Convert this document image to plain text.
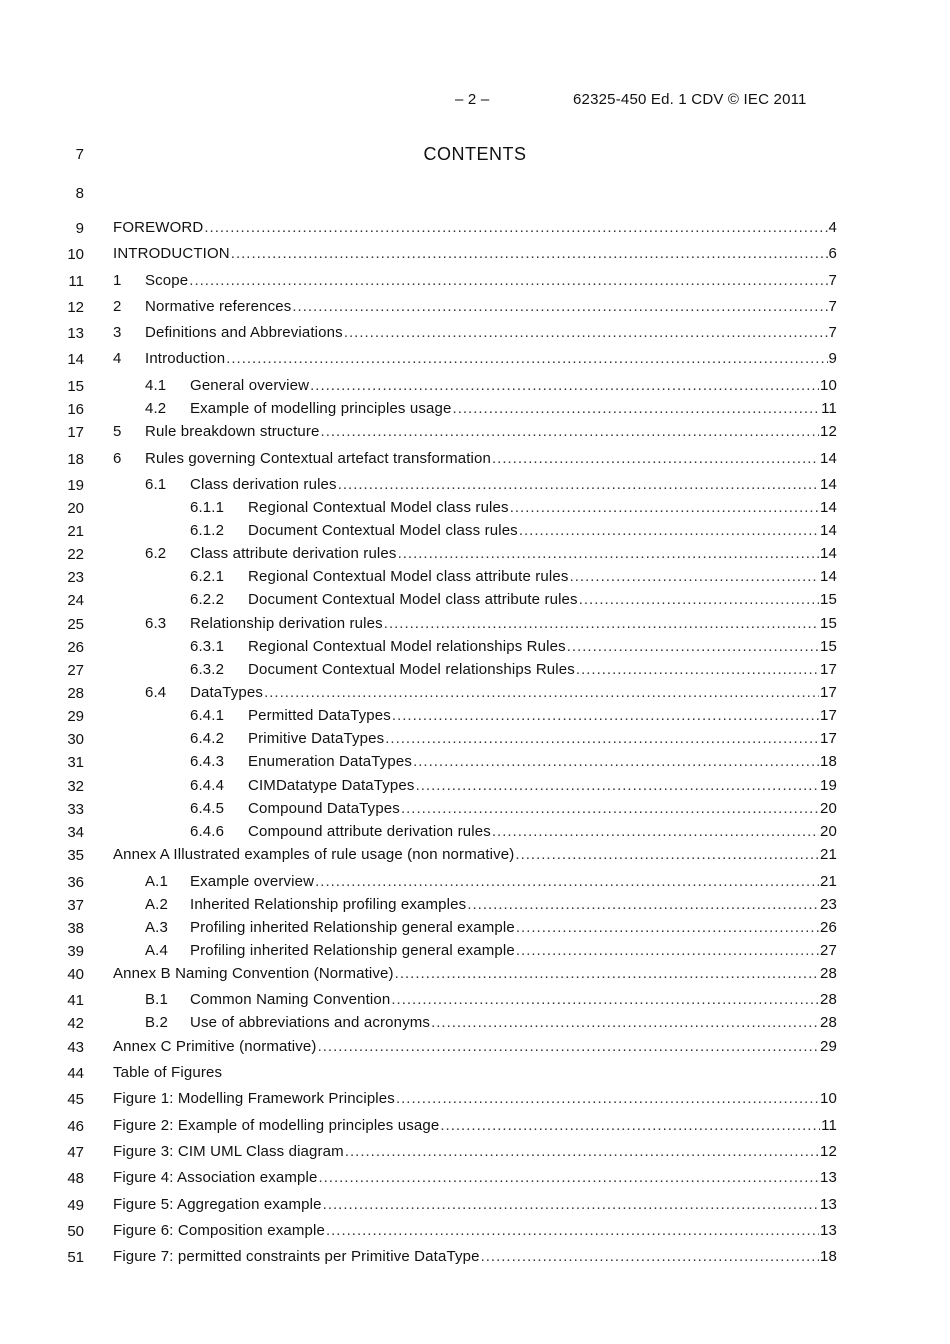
– 2 –	62325-450 Ed. 1 CDV © IEC 2011
7	CONTENTS
8
9 FOREWORD .....	4
10 INTRODUCTION .....	6
11 1	Scope .....	7
12 2	Normative references .....	7
13 3	Definitions and Abbreviations .....	7
14 4	Introduction .....	9
15	4.1	General overview .....	10
16	4.2	Example of modelling principles usage .....	11
17 5	Rule breakdown structure .....	12
18 6	Rules governing Contextual artefact transformation .....	14
19	6.1	Class derivation rules .....	14
20	6.1.1	Regional Contextual Model class rules .....	14
21	6.1.2	Document Contextual Model class rules .....	14
22	6.2	Class attribute derivation rules .....	14
23	6.2.1	Regional Contextual Model class attribute rules .....	14
24	6.2.2	Document Contextual Model class attribute rules .....	15
25	6.3	Relationship derivation rules .....	15
26	6.3.1	Regional Contextual Model relationships Rules .....	15
27	6.3.2	Document Contextual Model relationships Rules .....	17
28	6.4	DataTypes .....	17
29	6.4.1	Permitted DataTypes .....	17
30	6.4.2	Primitive DataTypes .....	17
31	6.4.3	Enumeration DataTypes .....	18
32	6.4.4	CIMDatatype DataTypes .....	19
33	6.4.5	Compound DataTypes .....	20
34	6.4.6	Compound attribute derivation rules .....	20
35 Annex A Illustrated examples of rule usage (non normative) .....	21
36	A.1	Example overview .....	21
37	A.2	Inherited Relationship profiling examples .....	23
38	A.3	Profiling inherited Relationship general example .....	26
39	A.4	Profiling inherited Relationship general example .....	27
40 Annex B Naming Convention (Normative) .....	28
41	B.1	Common Naming Convention .....	28
42	B.2	Use of abbreviations and acronyms .....	28
43 Annex C Primitive (normative) .....	29
44 Table of Figures
45 Figure 1: Modelling Framework Principles .....	10
46 Figure 2: Example of modelling principles usage .....	11
47 Figure 3: CIM UML Class diagram .....	12
48 Figure 4: Association example .....	13
49 Figure 5: Aggregation example .....	13
50 Figure 6: Composition example .....	13
51 Figure 7: permitted constraints per Primitive DataType .....	18
